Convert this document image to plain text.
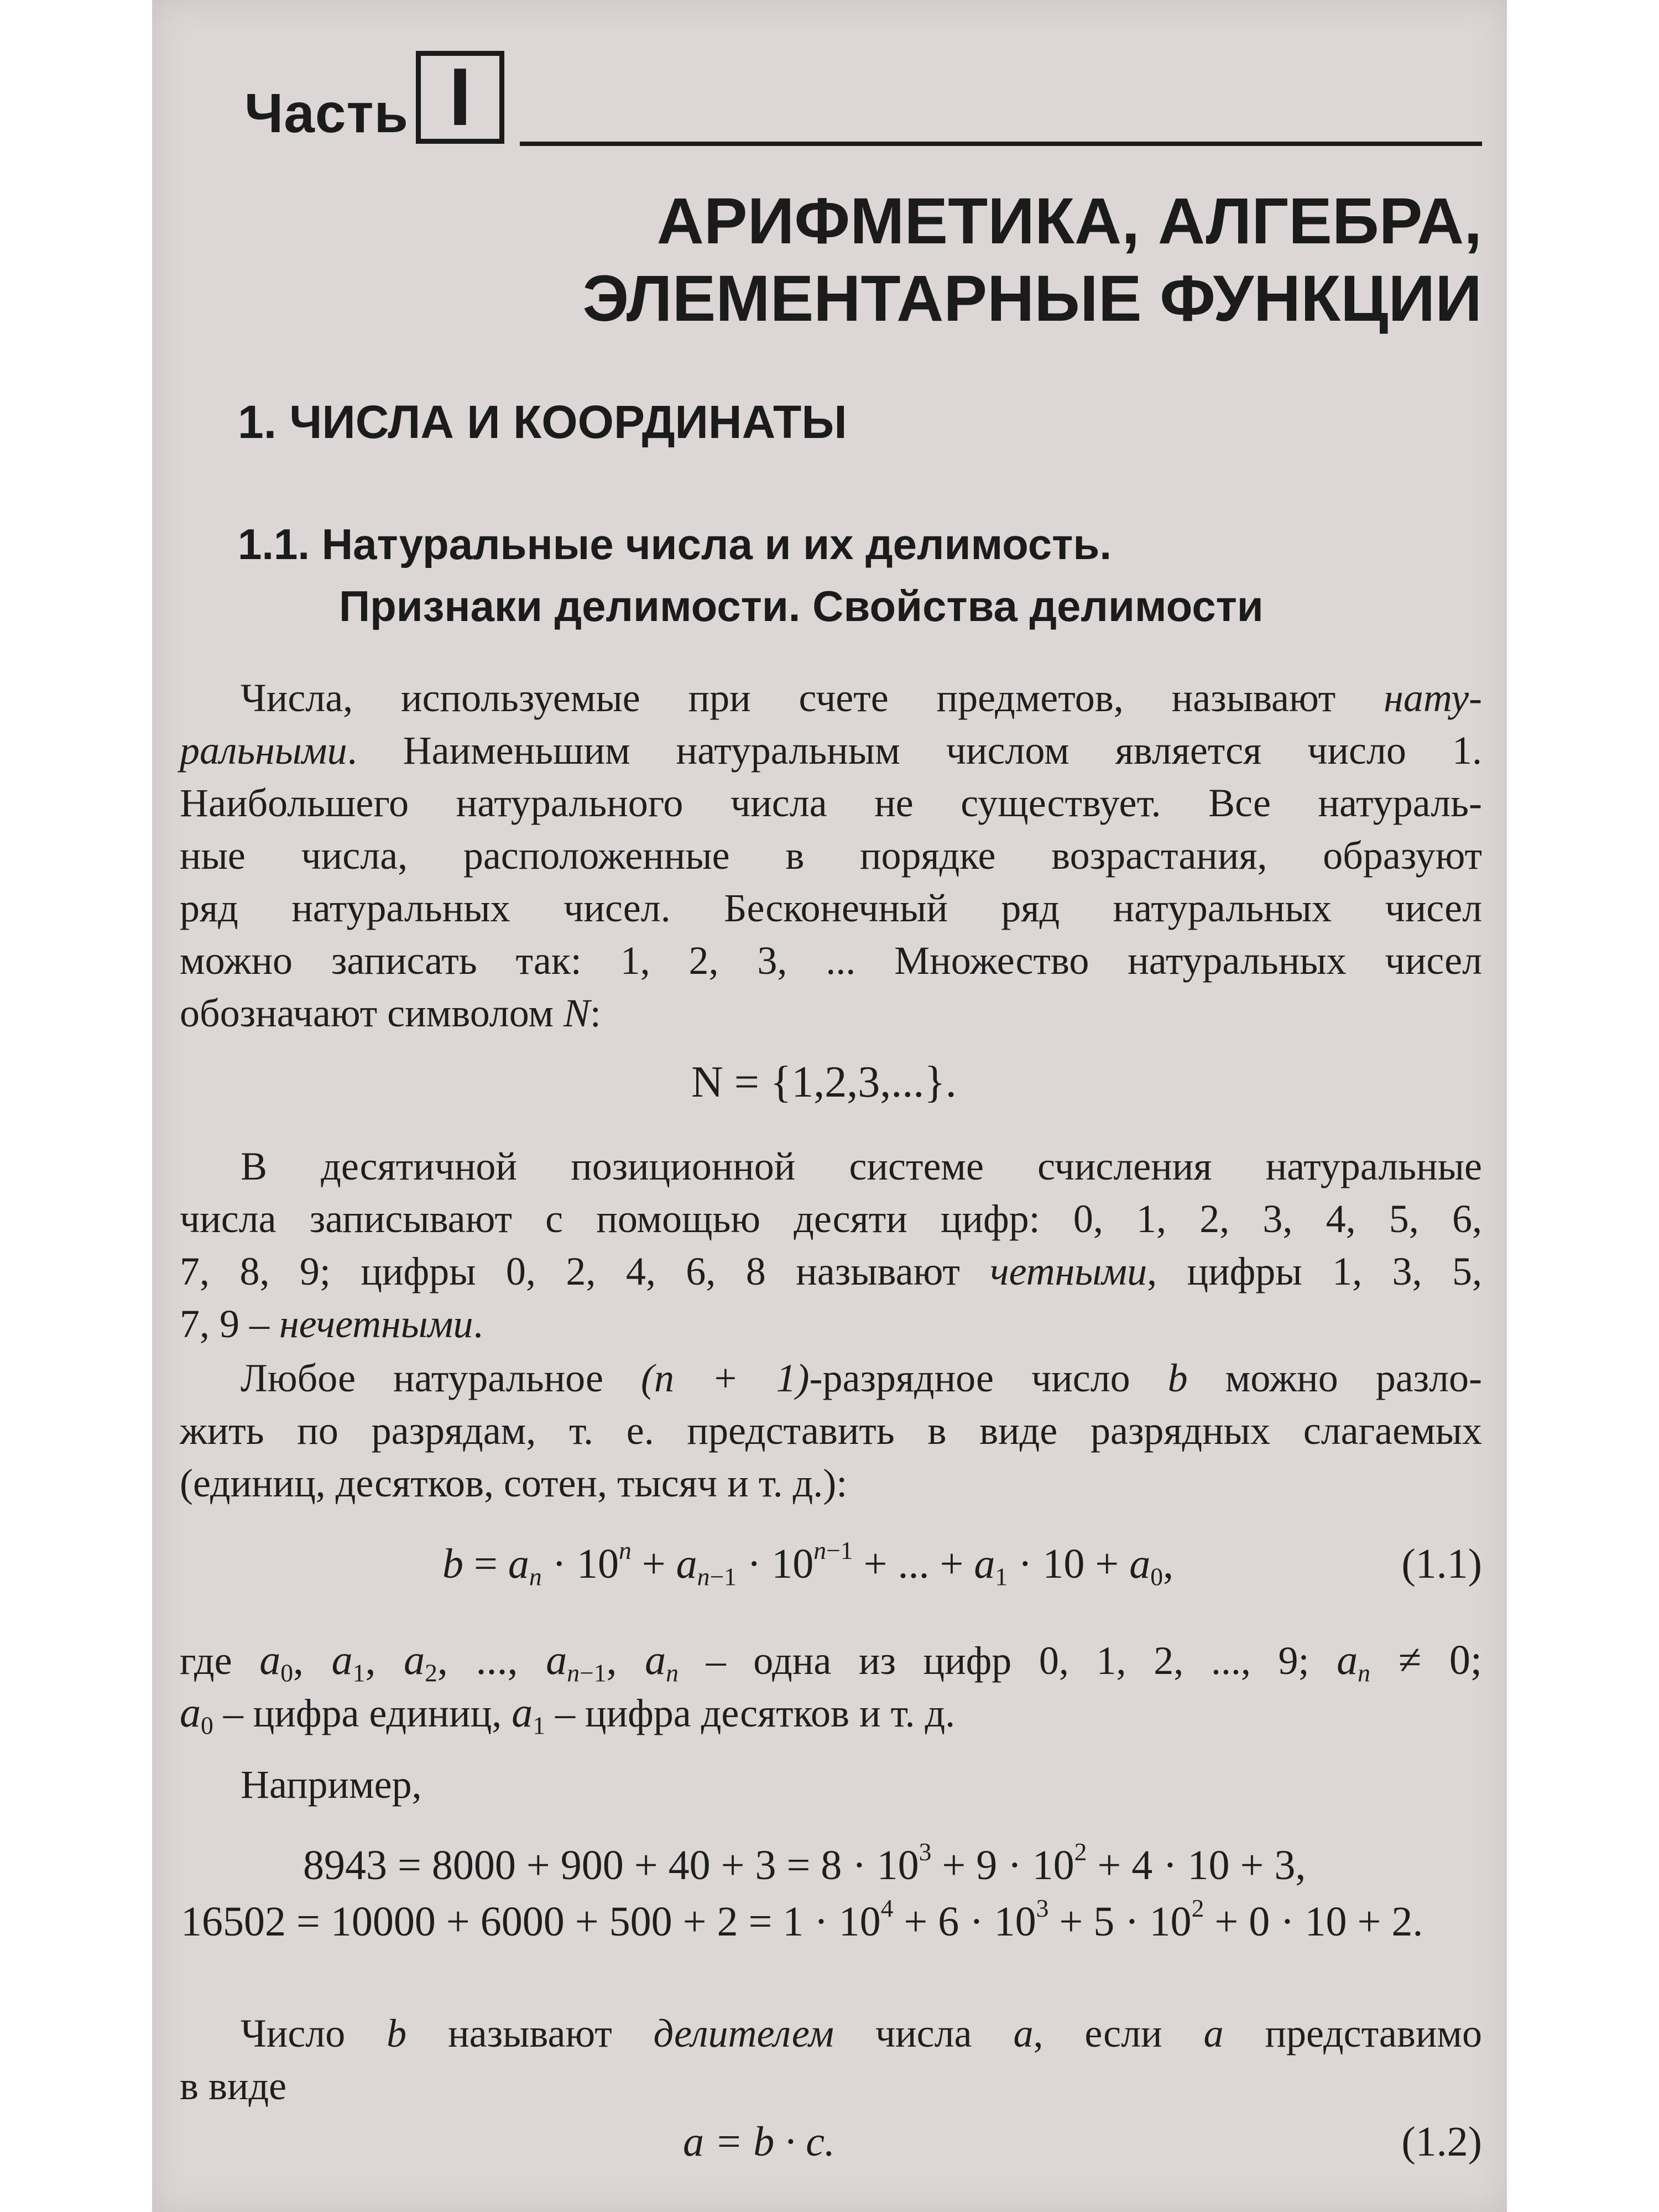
Часть I
АРИФМЕТИКА, АЛГЕБРА,
ЭЛЕМЕНТАРНЫЕ ФУНКЦИИ
1. ЧИСЛА И КООРДИНАТЫ
1.1. Натуральные числа и их делимость.
Признаки делимости. Свойства делимости
Числа, используемые при счете предметов, называют нату-
ральными. Наименьшим натуральным числом является число 1.
Наибольшего натурального числа не существует. Все натураль-
ные числа, расположенные в порядке возрастания, образуют
ряд натуральных чисел. Бесконечный ряд натуральных чисел
можно записать так: 1, 2, 3, ... Множество натуральных чисел
обозначают символом N:
N = {1,2,3,...}.
В десятичной позиционной системе счисления натуральные
числа записывают с помощью десяти цифр: 0, 1, 2, 3, 4, 5, 6,
7, 8, 9; цифры 0, 2, 4, 6, 8 называют четными, цифры 1, 3, 5,
7, 9 – нечетными.
Любое натуральное (n + 1)-разрядное число b можно разло-
жить по разрядам, т. е. представить в виде разрядных слагаемых
(единиц, десятков, сотен, тысяч и т. д.):
$b = a_n \cdot 10^n + a_{n-1} \cdot 10^{n-1}$ + ... + $a_1 \cdot 10 + a_0$,	(1.1)
где $a_0$, $a_1$, $a_2$, ..., $a_{n-1}$, $a_n$ – одна из цифр 0, 1, 2, ..., 9; $a_n \ne 0$;
$a_0$ – цифра единиц, $a_1$ – цифра десятков и т. д.
Например,
$8943 = 8000 + 900 + 40 + 3 = 8 \cdot 10^3 + 9 \cdot 10^2 + 4 \cdot 10 + 3$,
$16502 = 10000 + 6000 + 500 + 2 = 1 \cdot 10^4 + 6 \cdot 10^3 + 5 \cdot 10^2 + 0 \cdot 10 + 2$.
Число b называют делителем числа a, если a представимо
в виде
a = b · c.	(1.2)
